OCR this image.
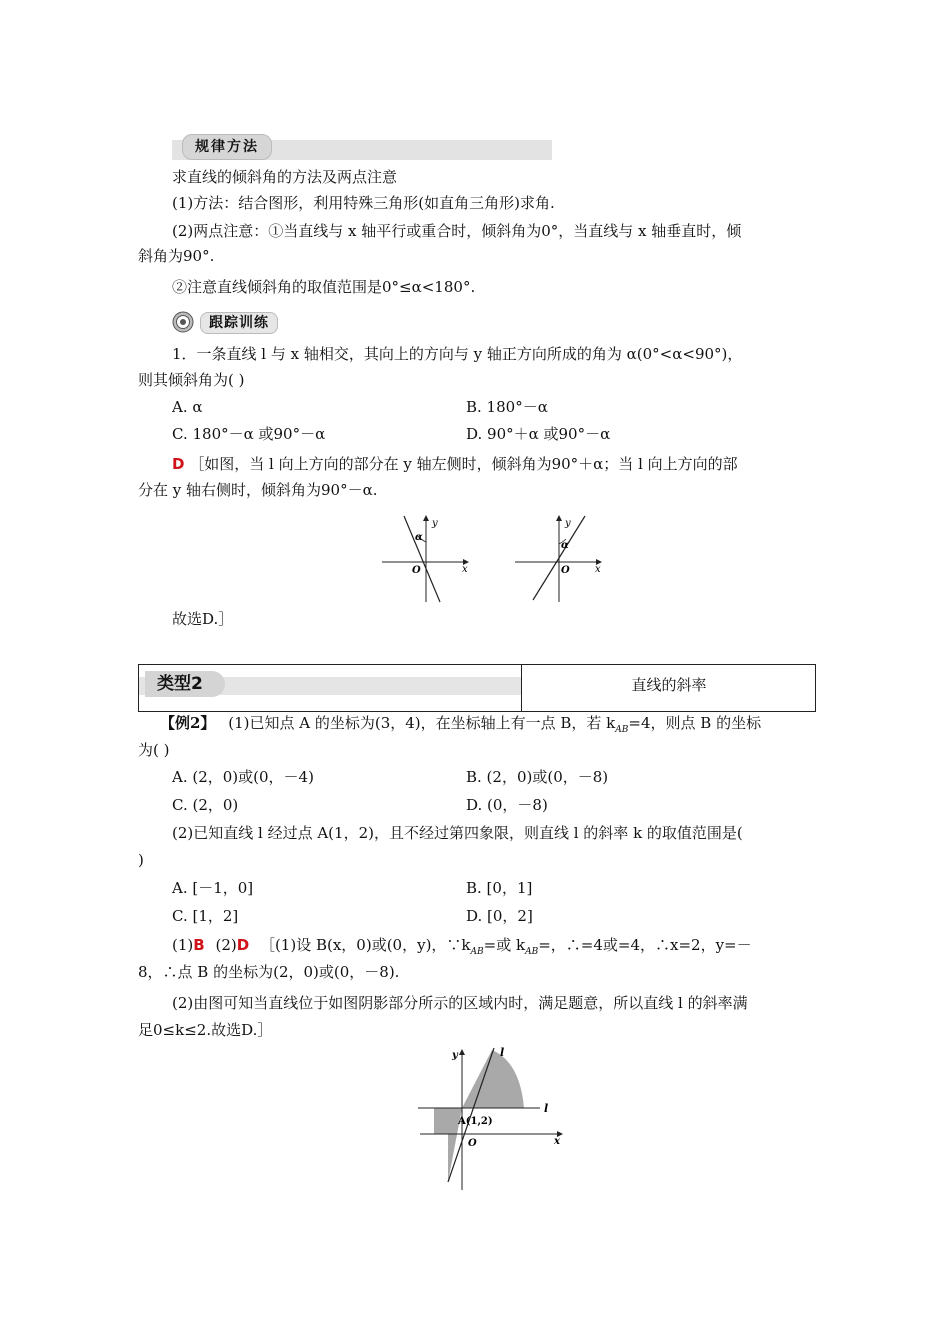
规律方法
求直线的倾斜角的方法及两点注意
(1)方法：结合图形，利用特殊三角形(如直角三角形)求角.
(2)两点注意：①当直线与 x 轴平行或重合时，倾斜角为0°，当直线与 x 轴垂直时，倾
斜角为90°.
②注意直线倾斜角的取值范围是0°≤α<180°.
跟踪训练
1．一条直线 l 与 x 轴相交，其向上的方向与 y 轴正方向所成的角为 α(0°<α<90°)，
则其倾斜角为( )
A. α	B. 180°－α
C. 180°－α 或90°－α	D. 90°＋α 或90°－α
D ［如图，当 l 向上方向的部分在 y 轴左侧时，倾斜角为90°＋α；当 l 向上方向的部
分在 y 轴右侧时，倾斜角为90°－α.
y
x
O
α
y
x
O
α
故选D.］
类型2	直线的斜率
【例2】 (1)已知点 A 的坐标为(3，4)，在坐标轴上有一点 B，若 $k_{AB}=4$，则点 B 的坐标
为( )
A. (2，0)或(0，－4)	B. (2，0)或(0，－8)
C. (2，0)	D. (0，－8)
(2)已知直线 l 经过点 A(1，2)，且不经过第四象限，则直线 l 的斜率 k 的取值范围是(
)
A. [－1，0]	B. [0，1]
C. [1，2]	D. [0，2]
(1)B (2)D ［(1)设 B(x，0)或(0，y)，$\because k_{AB}=$或 $k_{AB}=$，∴=4或=4，∴x=2，y=－
8，∴点 B 的坐标为(2，0)或(0，－8).
(2)由图可知当直线位于如图阴影部分所示的区域内时，满足题意，所以直线 l 的斜率满
足0≤k≤2.故选D.］
y
x
O
A(1,2)
l
l
